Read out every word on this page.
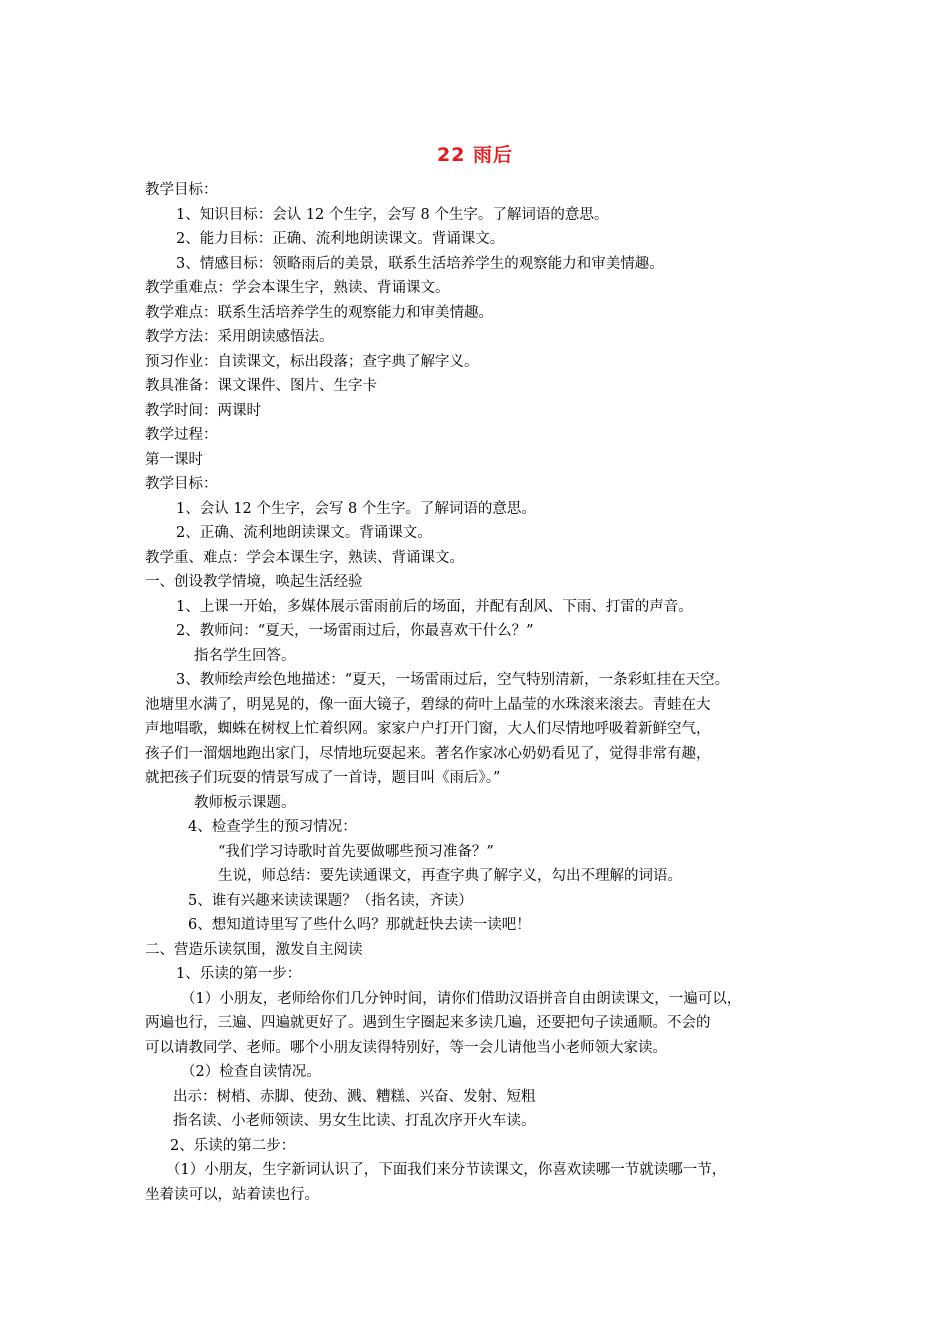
22 雨后
教学目标：
1、知识目标：会认 12 个生字，会写 8 个生字。了解词语的意思。
2、能力目标：正确、流利地朗读课文。背诵课文。
3、情感目标：领略雨后的美景，联系生活培养学生的观察能力和审美情趣。
教学重难点：学会本课生字，熟读、背诵课文。
教学难点：联系生活培养学生的观察能力和审美情趣。
教学方法：采用朗读感悟法。
预习作业：自读课文，标出段落；查字典了解字义。
教具准备：课文课件、图片、生字卡
教学时间：两课时
教学过程：
第一课时
教学目标：
1、会认 12 个生字，会写 8 个生字。了解词语的意思。
2、正确、流利地朗读课文。背诵课文。
教学重、难点：学会本课生字，熟读、背诵课文。
一、创设教学情境，唤起生活经验
1、上课一开始，多媒体展示雷雨前后的场面，并配有刮风、下雨、打雷的声音。
2、教师问：“夏天，一场雷雨过后，你最喜欢干什么？”
指名学生回答。
3、教师绘声绘色地描述：“夏天，一场雷雨过后，空气特别清新，一条彩虹挂在天空。
池塘里水满了，明晃晃的，像一面大镜子，碧绿的荷叶上晶莹的水珠滚来滚去。青蛙在大
声地唱歌，蜘蛛在树杈上忙着织网。家家户户打开门窗，大人们尽情地呼吸着新鲜空气，
孩子们一溜烟地跑出家门，尽情地玩耍起来。著名作家冰心奶奶看见了，觉得非常有趣，
就把孩子们玩耍的情景写成了一首诗，题目叫《雨后》。”
教师板示课题。
4、检查学生的预习情况：
“我们学习诗歌时首先要做哪些预习准备？”
生说，师总结：要先读通课文，再查字典了解字义，勾出不理解的词语。
5、谁有兴趣来读读课题？（指名读，齐读）
6、想知道诗里写了些什么吗？那就赶快去读一读吧！
二、营造乐读氛围，激发自主阅读
1、乐读的第一步：
（1）小朋友，老师给你们几分钟时间，请你们借助汉语拼音自由朗读课文，一遍可以，
两遍也行，三遍、四遍就更好了。遇到生字圈起来多读几遍，还要把句子读通顺。不会的
可以请教同学、老师。哪个小朋友读得特别好，等一会儿请他当小老师领大家读。
（2）检查自读情况。
出示：树梢、赤脚、使劲、溅、糟糕、兴奋、发射、短粗
指名读、小老师领读、男女生比读、打乱次序开火车读。
2、乐读的第二步：
（1）小朋友，生字新词认识了，下面我们来分节读课文，你喜欢读哪一节就读哪一节，
坐着读可以，站着读也行。
